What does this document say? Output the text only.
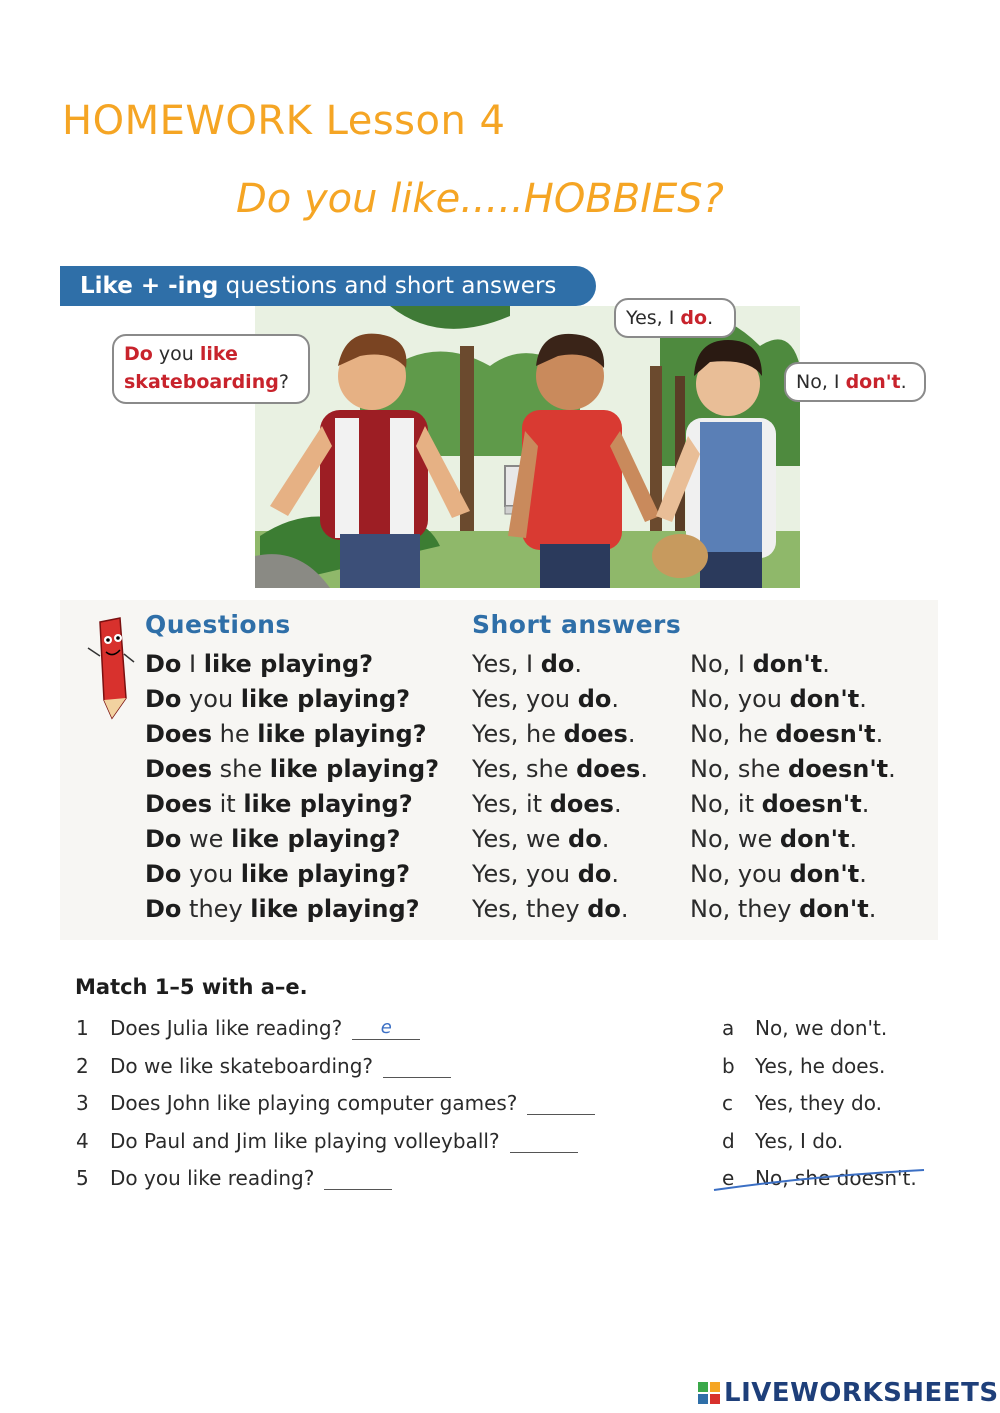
HOMEWORK Lesson 4
Do you like.....HOBBIES?
Like + -ing questions and short answers
Do you like
skateboarding?
Yes, I do.
No, I don't.
Questions	Short answers
Do I like playing?	Yes, I do.	No, I don't.
Do you like playing?	Yes, you do.	No, you don't.
Does he like playing? Yes, he does. No, he doesn't.
Does she like playing? Yes, she does. No, she doesn't.
Does it like playing? Yes, it does.	No, it doesn't.
Do we like playing?	Yes, we do.	No, we don't.
Do you like playing?	Yes, you do.	No, you don't.
Do they like playing? Yes, they do.	No, they don't.
Match 1–5 with a–e.
1 Does Julia like reading? e	a No, we don't.
2 Do we like skateboarding?	b Yes, he does.
3 Does John like playing computer games?	c Yes, they do.
4 Do Paul and Jim like playing volleyball?	d Yes, I do.
5 Do you like reading?	e No, she doesn't.
LIVEWORKSHEETS
